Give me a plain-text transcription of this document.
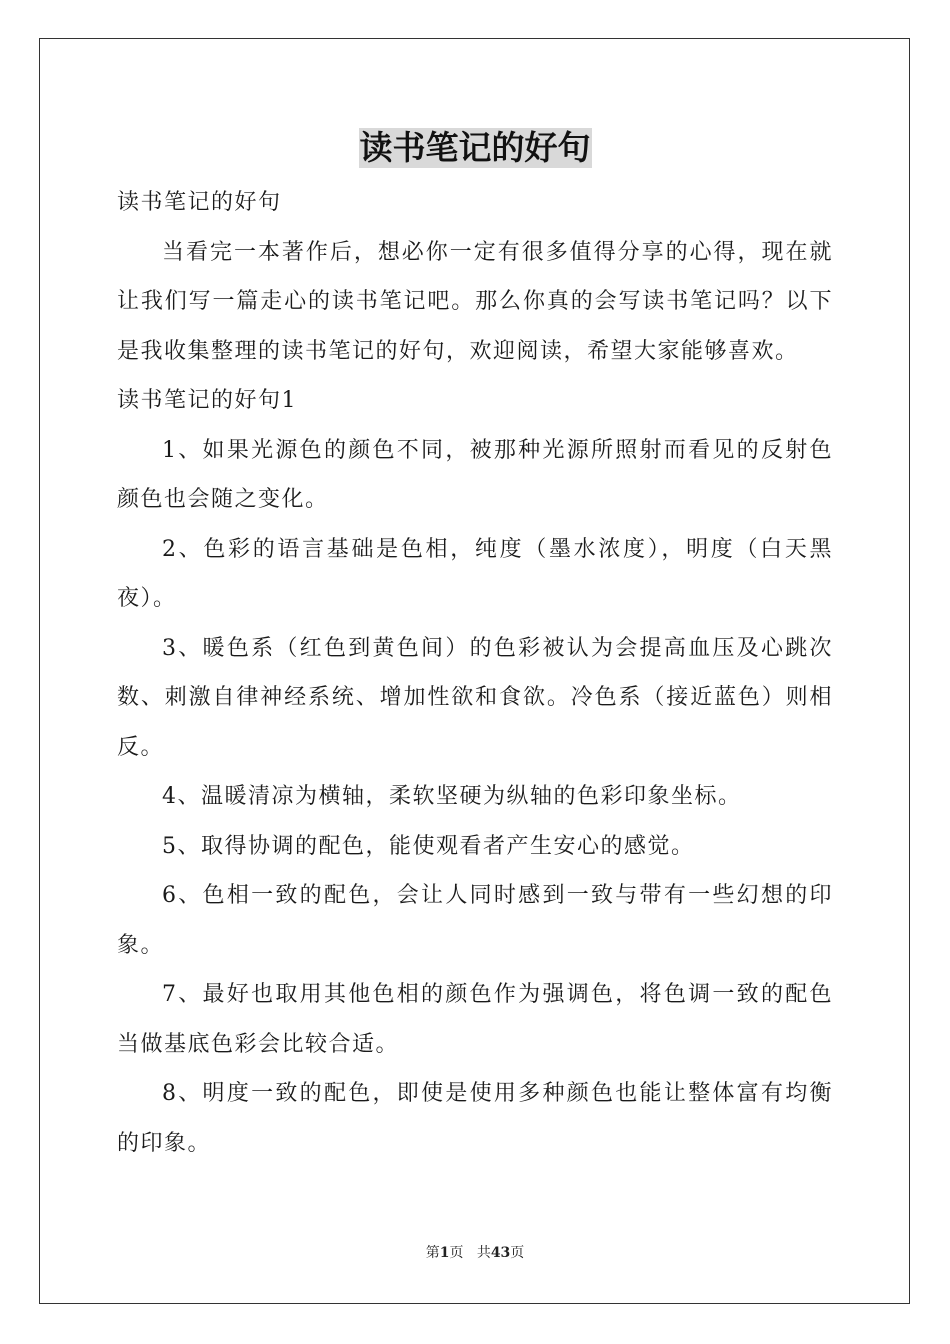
读书笔记的好句

读书笔记的好句

当看完一本著作后，想必你一定有很多值得分享的心得，现在就让我们写一篇走心的读书笔记吧。那么你真的会写读书笔记吗？以下是我收集整理的读书笔记的好句，欢迎阅读，希望大家能够喜欢。

读书笔记的好句1

1、如果光源色的颜色不同，被那种光源所照射而看见的反射色颜色也会随之变化。

2、色彩的语言基础是色相，纯度（墨水浓度），明度（白天黑夜）。

3、暖色系（红色到黄色间）的色彩被认为会提高血压及心跳次数、刺激自律神经系统、增加性欲和食欲。冷色系（接近蓝色）则相反。

4、温暖清凉为横轴，柔软坚硬为纵轴的色彩印象坐标。

5、取得协调的配色，能使观看者产生安心的感觉。

6、色相一致的配色，会让人同时感到一致与带有一些幻想的印象。

7、最好也取用其他色相的颜色作为强调色，将色调一致的配色当做基底色彩会比较合适。

8、明度一致的配色，即使是使用多种颜色也能让整体富有均衡的印象。

第1页 共43页
